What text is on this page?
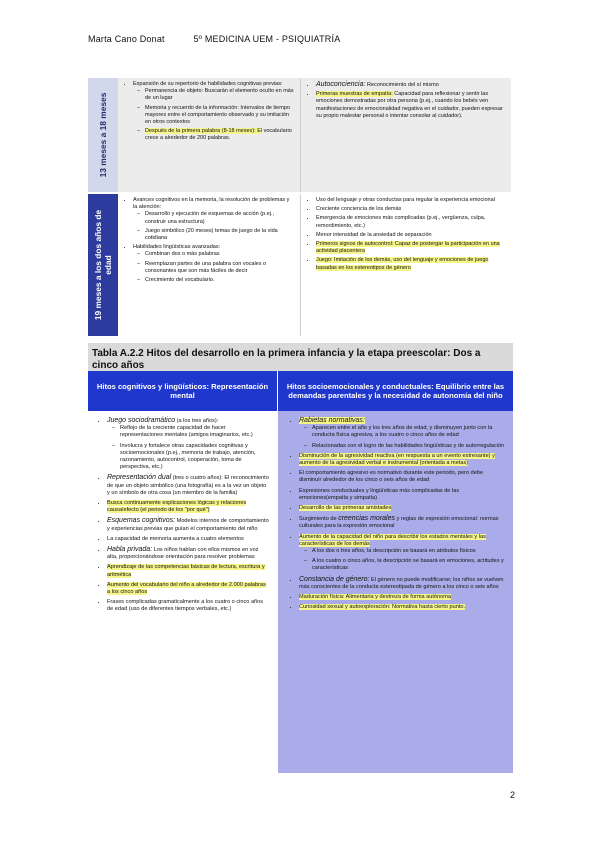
Marta Cano Donat	5º MEDICINA UEM - PSIQUIATRÍA
13 meses a 18 meses
• Expansión de su repertorio de habilidades cognitivas previas:
– Permanencia de objeto: Buscarán el elemento oculto en más de un lugar
– Memoria y recuerdo de la información: Intervalos de tiempo mayores entre el comportamiento observado y su imitación en otros contextos
– Después de la primera palabra (8-18 meses): El vocabulario crece a alrededor de 200 palabras.
• Autoconciencia: Reconocimiento del sí mismo
• Primeras muestras de empatía: Capacidad para reflexionar y sentir las emociones demostradas por otra persona (p.ej., cuando los bebés ven manifestaciones de emocionalidad negativa en el cuidador, pueden expresar su propio malestar personal o intentar consolar al cuidador).
19 meses a los dos años de edad
• Avances cognitivos en la memoria, la resolución de problemas y la atención:
– Desarrollo y ejecución de esquemas de acción (p.ej., construir una estructura)
– Juego simbólico (20 meses) temas de juego de la vida cotidiana
• Habilidades lingüísticas avanzadas:
– Combinan dos o más palabras
– Reemplazan partes de una palabra con vocales o consonantes que son más fáciles de decir
– Crecimiento del vocabulario.
• Uso del lenguaje y otras conductas para regular la experiencia emocional
• Creciente conciencia de los demás
• Emergencia de emociones más complicadas (p.ej., vergüenza, culpa, remordimiento, etc.)
• Menor intensidad de la ansiedad de separación
• Primeros signos de autocontrol: Capaz de postergar la participación en una actividad placentera
• Juego: Imitación de los demás, uso del lenguaje y emociones de juego basadas en los estereotipos de género
Tabla A.2.2 Hitos del desarrollo en la primera infancia y la etapa preescolar: Dos a cinco años
Hitos cognitivos y lingüísticos: Representación mental
Hitos socioemocionales y conductuales: Equilibrio entre las demandas parentales y la necesidad de autonomía del niño
• Juego sociodramático (a los tres años):
– Reflejo de la creciente capacidad de hacer representaciones mentales (amigos imaginarios, etc.)
– Involucra y fortalece otras capacidades cognitivas y socioemocionales (p.ej., memoria de trabajo, atención, razonamiento, autocontrol, cooperación, toma de perspectiva, etc.)
• Representación dual (tres o cuatro años): El reconocimiento de que un objeto simbólico (una fotografía) es a la vez un objeto y un símbolo de otra cosa (un miembro de la familia)
• Busca continuamente explicaciones lógicas y relaciones causa/efecto (el periodo de los "por qué")
• Esquemas cognitivos: Modelos internos de comportamiento y experiencias previas que guían el comportamiento del niño
• La capacidad de memoria aumenta a cuatro elementos
• Habla privada: Los niños hablan con ellos mismos en voz alta, proporcionándose orientación para resolver problemas
• Aprendizaje de las competencias básicas de lectura, escritura y aritmética
• Aumento del vocabulario del niño a alrededor de 2.000 palabras a los cinco años
• Frases complicadas gramaticalmente a los cuatro o cinco años de edad (uso de diferentes tiempos verbales, etc.)
• Rabietas normativas:
– Aparecen entre el año y los tres años de edad, y disminuyen junto con la conducta física agresiva, a los cuatro o cinco años de edad
– Relacionadas con el logro de las habilidades lingüísticas y de autorregulación
• Disminución de la agresividad reactiva (en respuesta a un evento estresante) y aumento de la agresividad verbal e instrumental (orientada a metas)
• El comportamiento agresivo es normativo durante este periodo, pero debe disminuir alrededor de los cinco o seis años de edad
• Expresiones conductuales y lingüísticas más complicadas de las emociones(empatía y simpatía)
• Desarrollo de las primeras amistades
• Surgimiento de creencias morales y reglas de expresión emocional: normas culturales para la expresión emocional
• Aumento de la capacidad del niño para describir los estados mentales y las características de los demás
– A los dos o tres años, la descripción se basará en atributos físicos
– A los cuatro o cinco años, la descripción se basará en emociones, actitudes y características
• Constancia de género: El género no puede modificarse; los niños se vuelven más conscientes de la conducta estereotipada de género a los cinco o seis años
• Maduración física: Alimentaria y destreza de forma autónoma
• Curiosidad sexual y autoexploración: Normativa hasta cierto punto.
2
